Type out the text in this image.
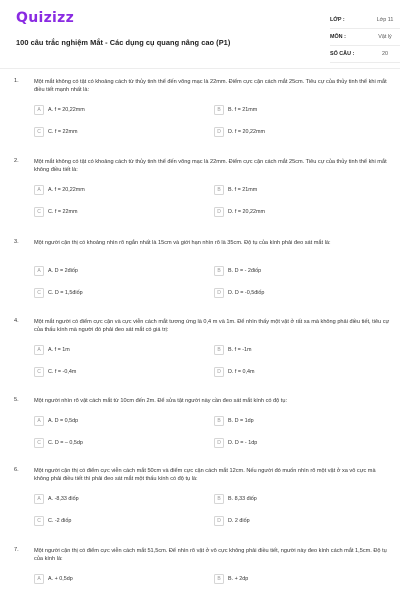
Quizizz
100 câu trắc nghiệm Mắt - Các dụng cụ quang nâng cao (P1)
LỚP :	Lớp 11
MÔN :	Vật lý
SỐ CÂU :	20
1.	Một mắt không có tật có khoảng cách từ thủy tinh thể đến võng mạc là 22mm. Điểm cực cận cách mắt 25cm. Tiêu cự của thủy tinh thể khi mắt điều tiết mạnh nhất là:
A	A. f = 20,22mm	B	B. f = 21mm
C	C. f = 22mm	D	D. f = 20,22mm
2.	Một mắt không có tật có khoảng cách từ thủy tinh thể đến võng mạc là 22mm. Điểm cực cận cách mắt 25cm. Tiêu cự của thủy tinh thể khi mắt không điều tiết là:
A	A. f = 20,22mm	B	B. f = 21mm
C	C. f = 22mm	D	D. f = 20,22mm
3.	Một người cận thị có khoảng nhìn rõ ngắn nhất là 15cm và giới hạn nhìn rõ là 35cm. Độ tụ của kính phải đeo sát mắt là:
A	A. D = 2điốp	B	B. D = - 2điốp
C	C. D = 1,5điốp	D	D. D = -0,5điốp
4.	Một mắt người có điểm cực cận và cực viễn cách mắt tương ứng là 0,4 m và 1m. Để nhìn thấy một vật ở rất xa mà không phải điều tiết, tiêu cự của thấu kính mà người đó phải đeo sát mắt có giá trị:
A	A. f = 1m	B	B. f = -1m
C	C. f = -0,4m	D	D. f = 0,4m
5.	Một người nhìn rõ vật cách mắt từ 10cm đến 2m. Để sửa tật người này cần đeo sát mắt kính có độ tụ:
A	A. D = 0,5dp	B	B. D = 1dp
C	C. D = – 0,5dp	D	D. D = - 1dp
6.	Một người cận thị có điểm cực viễn cách mắt 50cm và điểm cực cận cách mắt 12cm. Nếu người đó muốn nhìn rõ một vật ở xa vô cực mà không phải điều tiết thì phải đeo sát mắt một thấu kính có độ tụ là:
A	A. -8,33 điốp	B	B. 8,33 điốp
C	C. -2 điốp	D	D. 2 điốp
7.	Một người cận thị có điểm cực viễn cách mắt 51,5cm. Để nhìn rõ vật ở vô cực không phải điều tiết, người này đeo kính cách mắt 1,5cm. Độ tụ của kính là:
A	A. + 0,5dp	B	B. + 2dp
